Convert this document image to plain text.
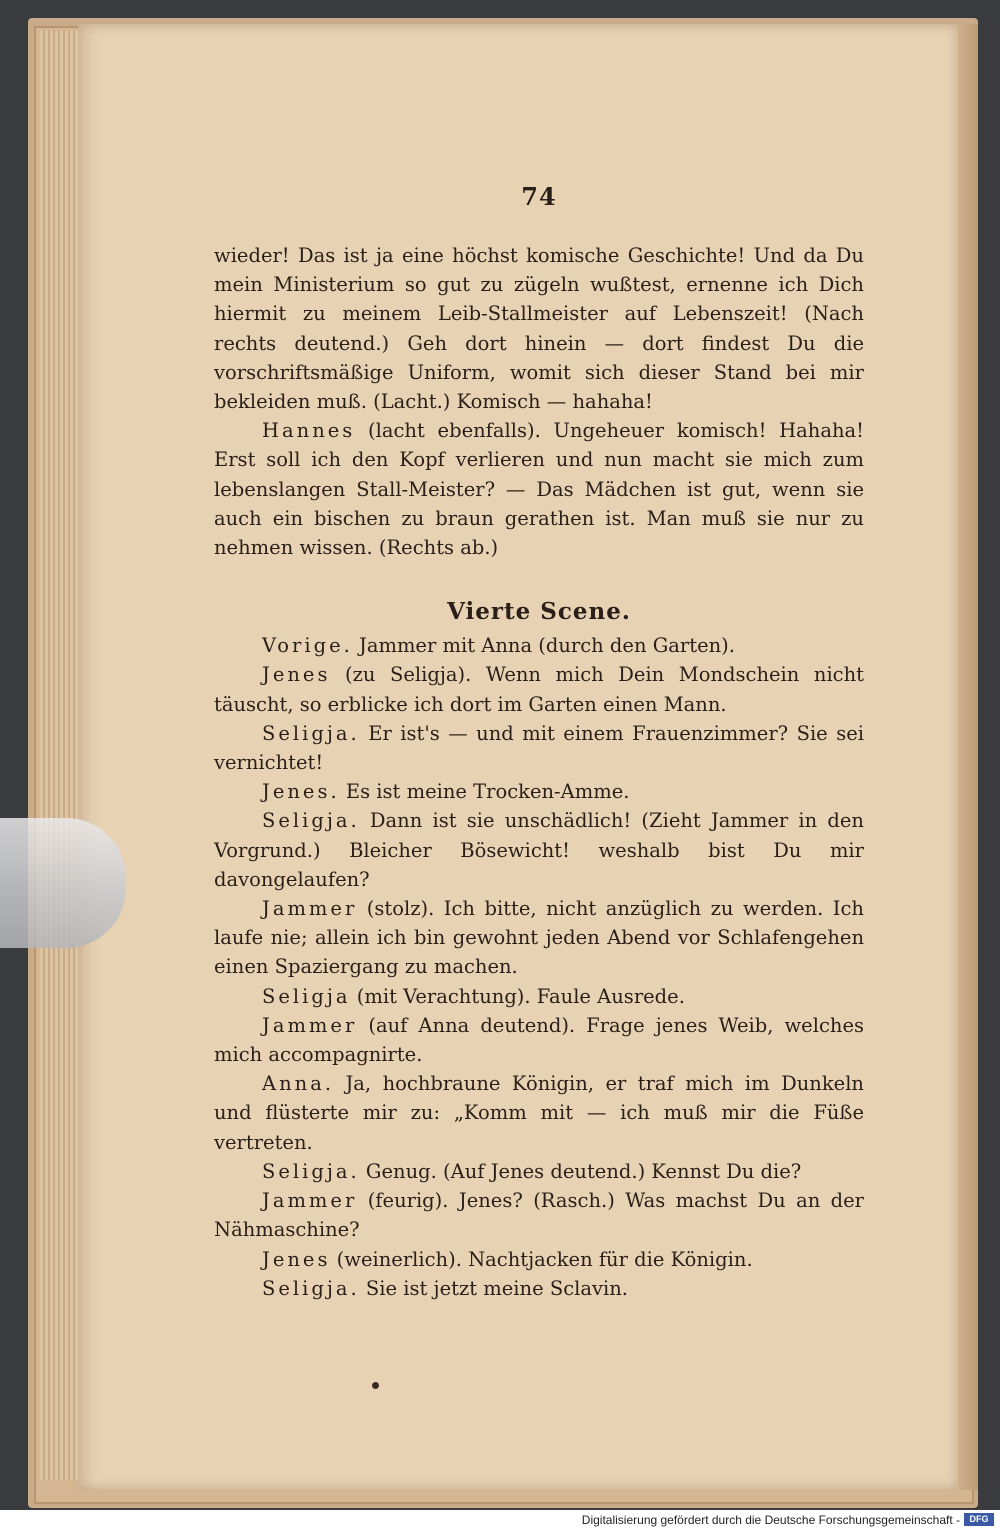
74

wieder! Das ist ja eine höchst komische Geschichte! Und da Du mein Ministerium so gut zu zügeln wußtest, ernenne ich Dich hiermit zu meinem Leib-Stallmeister auf Lebenszeit! (Nach rechts deutend.) Geh dort hinein — dort findest Du die vorschriftsmäßige Uniform, womit sich dieser Stand bei mir bekleiden muß. (Lacht.) Komisch — hahaha!

Hannes (lacht ebenfalls). Ungeheuer komisch! Hahaha! Erst soll ich den Kopf verlieren und nun macht sie mich zum lebenslangen Stall-Meister? — Das Mädchen ist gut, wenn sie auch ein bischen zu braun gerathen ist. Man muß sie nur zu nehmen wissen. (Rechts ab.)

Vierte Scene.

Vorige. Jammer mit Anna (durch den Garten).

Jenes (zu Seligja). Wenn mich Dein Mondschein nicht täuscht, so erblicke ich dort im Garten einen Mann.

Seligja. Er ist's — und mit einem Frauenzimmer? Sie sei vernichtet!

Jenes. Es ist meine Trocken-Amme.

Seligja. Dann ist sie unschädlich! (Zieht Jammer in den Vorgrund.) Bleicher Bösewicht! weshalb bist Du mir davongelaufen?

Jammer (stolz). Ich bitte, nicht anzüglich zu werden. Ich laufe nie; allein ich bin gewohnt jeden Abend vor Schlafengehen einen Spaziergang zu machen.

Seligja (mit Verachtung). Faule Ausrede.

Jammer (auf Anna deutend). Frage jenes Weib, welches mich accompagnirte.

Anna. Ja, hochbraune Königin, er traf mich im Dunkeln und flüsterte mir zu: „Komm mit — ich muß mir die Füße vertreten.

Seligja. Genug. (Auf Jenes deutend.) Kennst Du die?

Jammer (feurig). Jenes? (Rasch.) Was machst Du an der Nähmaschine?

Jenes (weinerlich). Nachtjacken für die Königin.

Seligja. Sie ist jetzt meine Sclavin.

Digitalisierung gefördert durch die Deutsche Forschungsgemeinschaft -	DFG
